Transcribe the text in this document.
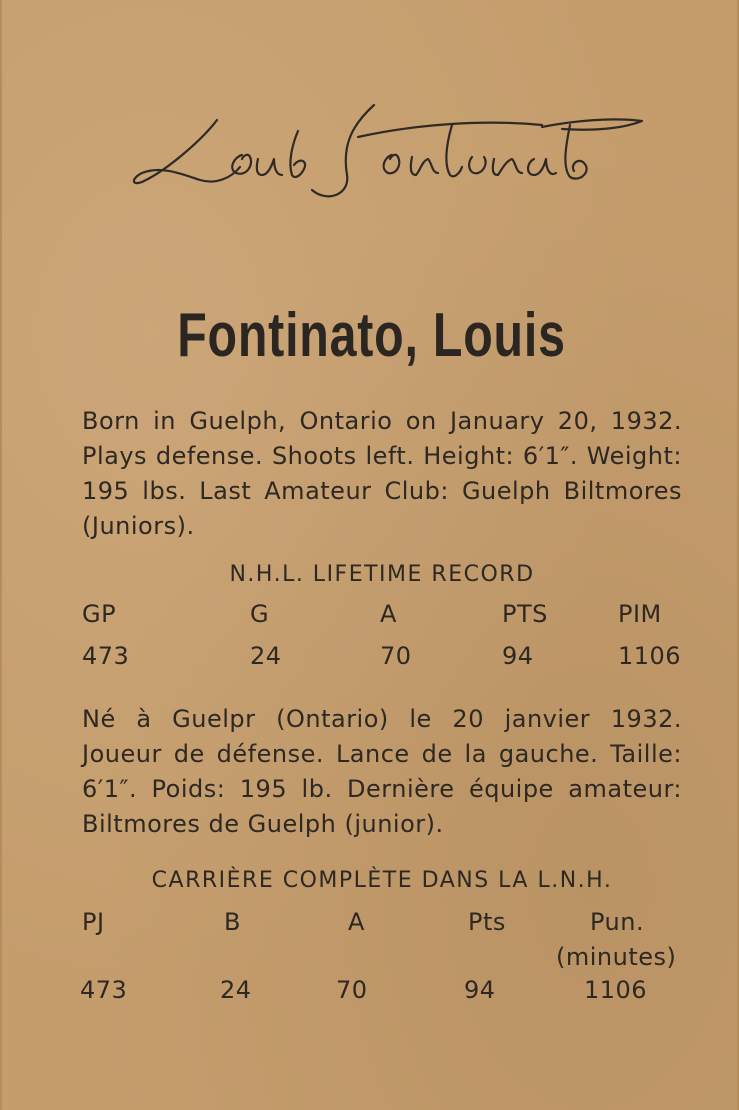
Fontinato, Louis
Born in Guelph, Ontario on January 20, 1932. Plays defense. Shoots left. Height: 6′1″. Weight: 195 lbs. Last Amateur Club: Guelph Biltmores (Juniors).
N.H.L. LIFETIME RECORD
GP	G	A	PTS	PIM
473	24	70	94	1106
Né à Guelpr (Ontario) le 20 janvier 1932. Joueur de défense. Lance de la gauche. Taille: 6′1″. Poids: 195 lb. Dernière équipe amateur: Biltmores de Guelph (junior).
CARRIÈRE COMPLÈTE DANS LA L.N.H.
PJ	B	A	Pts	Pun.
(minutes)
473	24	70	94	1106
